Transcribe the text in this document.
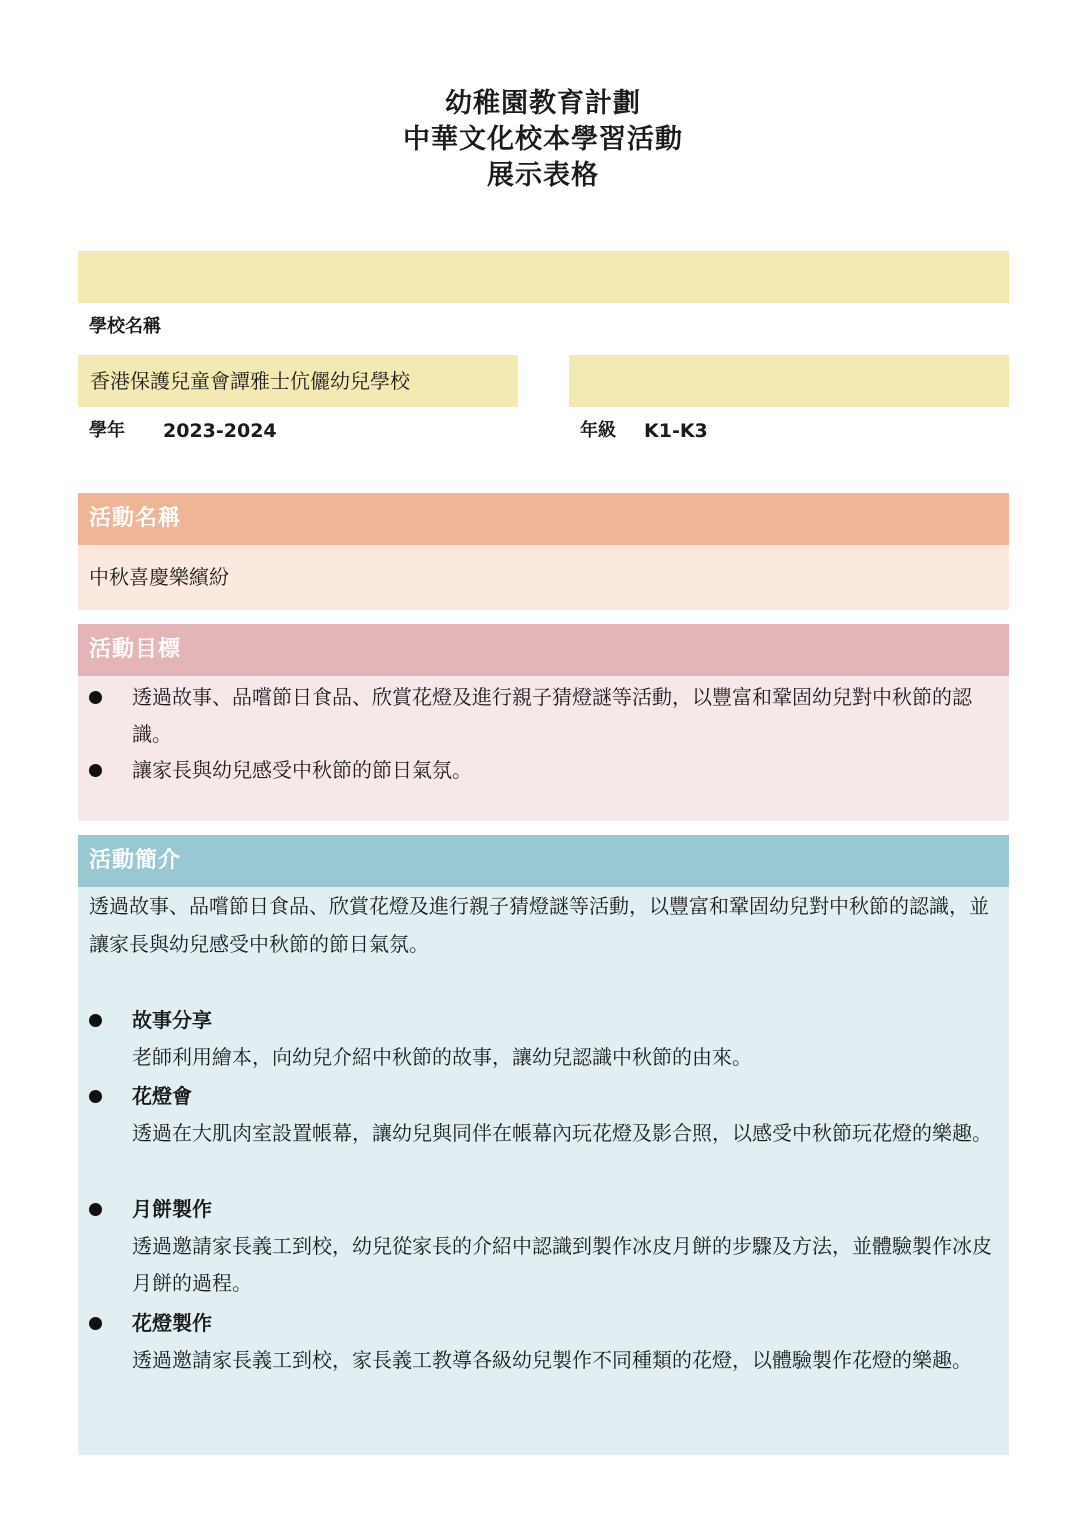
幼稚園教育計劃
中華文化校本學習活動
展示表格
學校名稱
香港保護兒童會譚雅士伉儷幼兒學校
學年 2023-2024	年級 K1-K3
活動名稱
中秋喜慶樂繽紛
活動目標
透過故事、品嚐節日食品、欣賞花燈及進行親子猜燈謎等活動，以豐富和鞏固幼兒對中秋節的認識。
讓家長與幼兒感受中秋節的節日氣氛。
活動簡介
透過故事、品嚐節日食品、欣賞花燈及進行親子猜燈謎等活動，以豐富和鞏固幼兒對中秋節的認識，並讓家長與幼兒感受中秋節的節日氣氛。
故事分享
老師利用繪本，向幼兒介紹中秋節的故事，讓幼兒認識中秋節的由來。
花燈會
透過在大肌肉室設置帳幕，讓幼兒與同伴在帳幕內玩花燈及影合照，以感受中秋節玩花燈的樂趣。
月餅製作
透過邀請家長義工到校，幼兒從家長的介紹中認識到製作冰皮月餅的步驟及方法，並體驗製作冰皮月餅的過程。
花燈製作
透過邀請家長義工到校，家長義工教導各級幼兒製作不同種類的花燈，以體驗製作花燈的樂趣。
